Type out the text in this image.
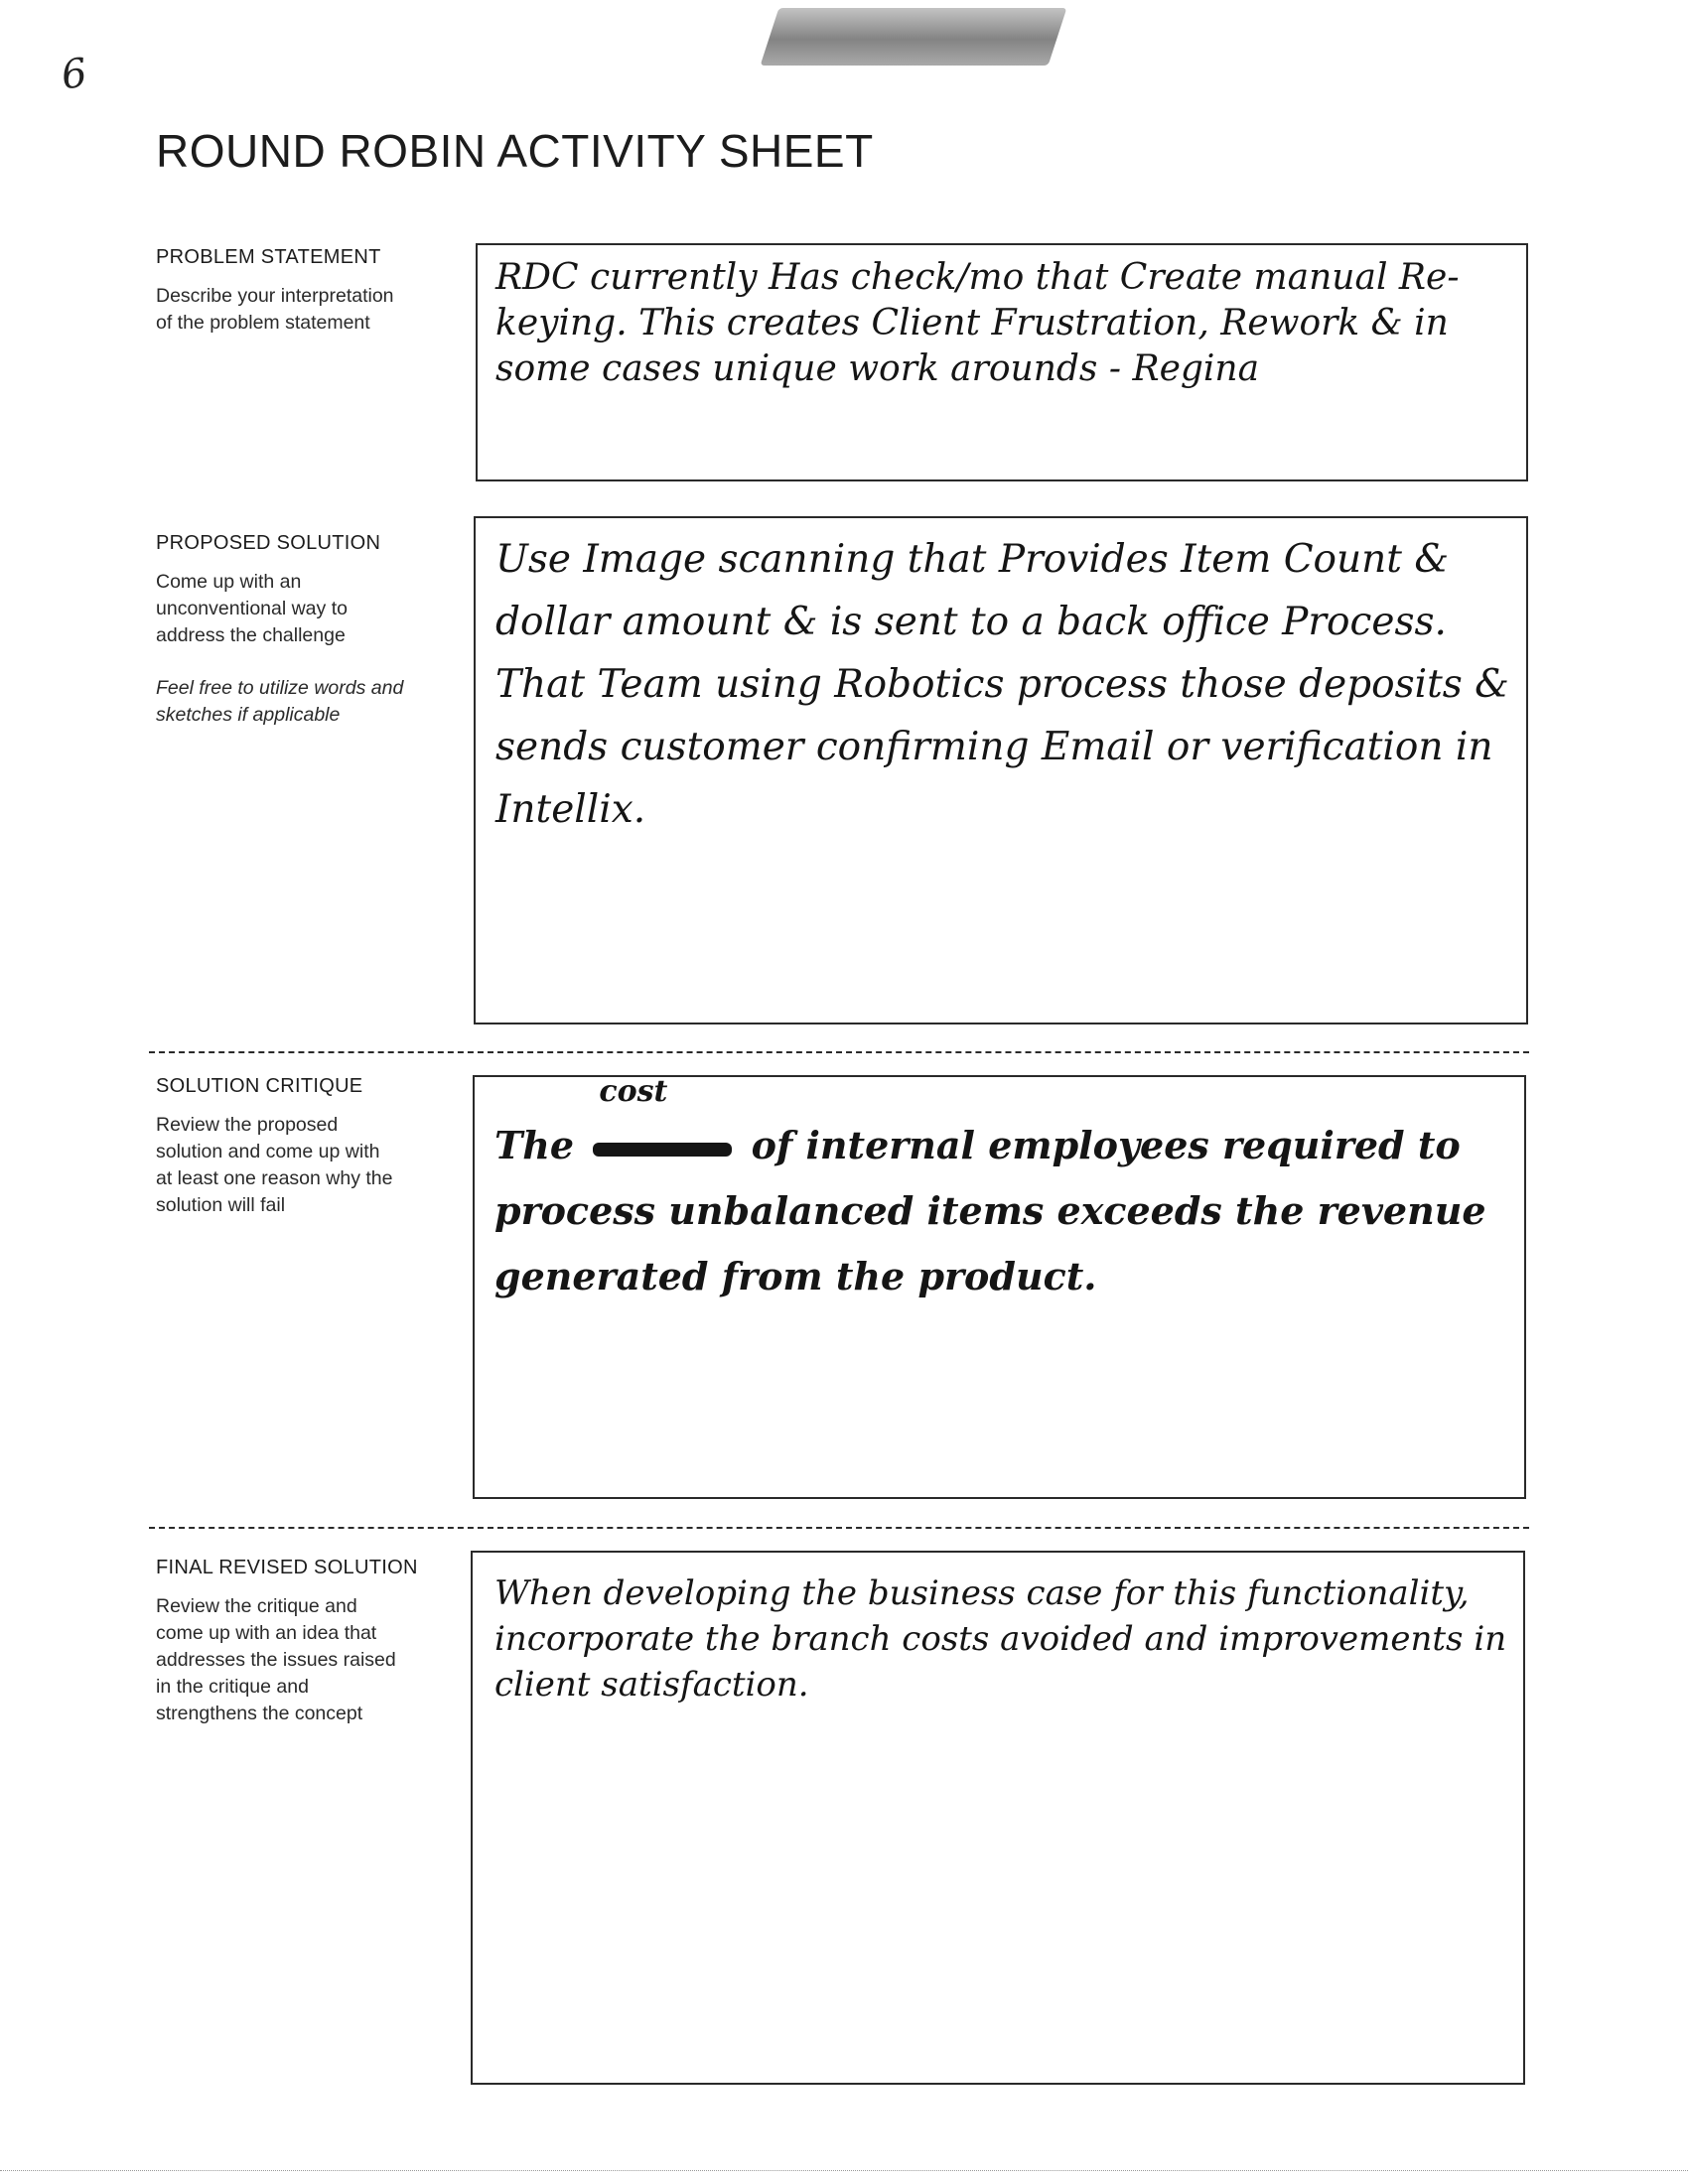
6
ROUND ROBIN ACTIVITY SHEET

PROBLEM STATEMENT

Describe your interpretation
of the problem statement

RDC currently Has check/mo that Create manual Re-keying. This creates Client Frustration, Rework & in some cases unique work arounds - Regina

PROPOSED SOLUTION

Come up with an
unconventional way to
address the challenge

Feel free to utilize words and
sketches if applicable

Use Image scanning that Provides Item Count & dollar amount & is sent to a back office Process. That Team using Robotics process those deposits & sends customer confirming Email or verification in Intellix.

SOLUTION CRITIQUE

Review the proposed
solution and come up with
at least one reason why the
solution will fail

The
cost
of internal employees required to process unbalanced items exceeds the revenue generated from the product.

FINAL REVISED SOLUTION

Review the critique and
come up with an idea that
addresses the issues raised
in the critique and
strengthens the concept

When developing the business case for this functionality, incorporate the branch costs avoided and improvements in client satisfaction.
